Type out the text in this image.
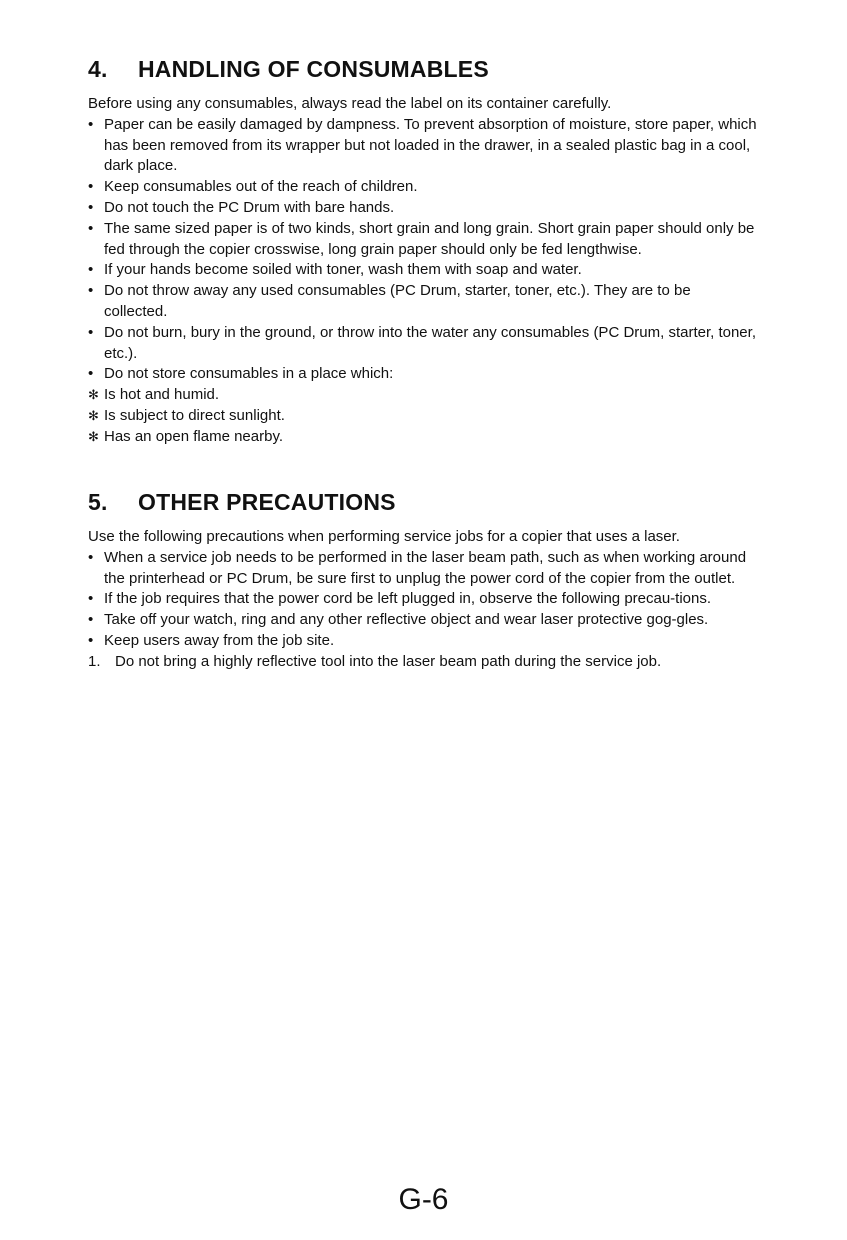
4.	HANDLING OF CONSUMABLES

Before using any consumables, always read the label on its container carefully.

• Paper can be easily damaged by dampness. To prevent absorption of moisture, store paper, which has been removed from its wrapper but not loaded in the drawer, in a sealed plastic bag in a cool, dark place.
• Keep consumables out of the reach of children.
• Do not touch the PC Drum with bare hands.
• The same sized paper is of two kinds, short grain and long grain. Short grain paper should only be fed through the copier crosswise, long grain paper should only be fed lengthwise.
• If your hands become soiled with toner, wash them with soap and water.
• Do not throw away any used consumables (PC Drum, starter, toner, etc.). They are to be collected.
• Do not burn, bury in the ground, or throw into the water any consumables (PC Drum, starter, toner, etc.).
• Do not store consumables in a place which:
✻ Is hot and humid.
✻ Is subject to direct sunlight.
✻ Has an open flame nearby.
5.	OTHER PRECAUTIONS

Use the following precautions when performing service jobs for a copier that uses a laser.

• When a service job needs to be performed in the laser beam path, such as when working around the printerhead or PC Drum, be sure first to unplug the power cord of the copier from the outlet.
• If the job requires that the power cord be left plugged in, observe the following precau-tions.
• Take off your watch, ring and any other reflective object and wear laser protective gog-gles.
• Keep users away from the job site.
1. Do not bring a highly reflective tool into the laser beam path during the service job.
G-6
